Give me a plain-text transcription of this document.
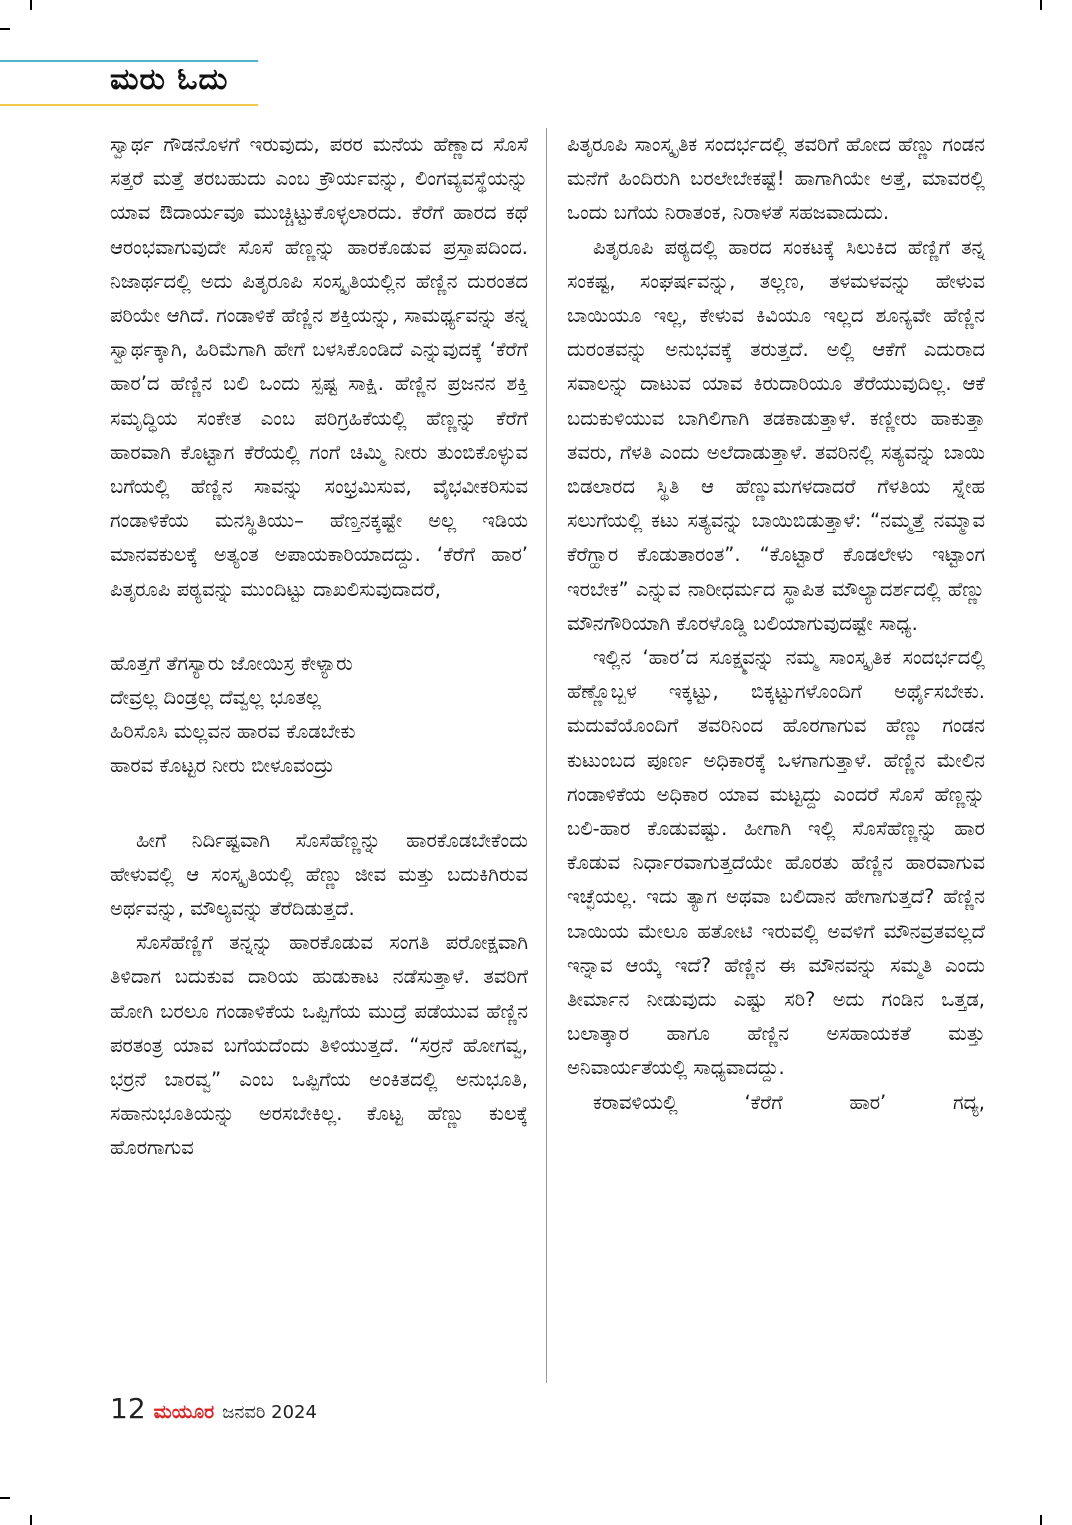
ಮರು ಓದು

ಸ್ವಾರ್ಥ ಗೌಡನೊಳಗೆ ಇರುವುದು, ಪರರ ಮನೆಯ ಹೆಣ್ಣಾದ ಸೊಸೆ ಸತ್ತರೆ ಮತ್ತೆ ತರಬಹುದು ಎಂಬ ಕ್ರೌರ್ಯವನ್ನು, ಲಿಂಗವ್ಯವಸ್ಥೆಯನ್ನು ಯಾವ ಔದಾರ್ಯವೂ ಮುಚ್ಚಿಟ್ಟುಕೊಳ್ಳಲಾರದು. ಕೆರೆಗೆ ಹಾರದ ಕಥೆ ಆರಂಭವಾಗುವುದೇ ಸೊಸೆ ಹೆಣ್ಣನ್ನು ಹಾರಕೊಡುವ ಪ್ರಸ್ತಾಪದಿಂದ. ನಿಜಾರ್ಥದಲ್ಲಿ ಅದು ಪಿತೃರೂಪಿ ಸಂಸ್ಕೃತಿಯಲ್ಲಿನ ಹೆಣ್ಣಿನ ದುರಂತದ ಪರಿಯೇ ಆಗಿದೆ. ಗಂಡಾಳಿಕೆ ಹೆಣ್ಣಿನ ಶಕ್ತಿಯನ್ನು, ಸಾಮರ್ಥ್ಯವನ್ನು ತನ್ನ ಸ್ವಾರ್ಥಕ್ಕಾಗಿ, ಹಿರಿಮೆಗಾಗಿ ಹೇಗೆ ಬಳಸಿಕೊಂಡಿದೆ ಎನ್ನುವುದಕ್ಕೆ ‘ಕೆರೆಗೆ ಹಾರ’ದ ಹೆಣ್ಣಿನ ಬಲಿ ಒಂದು ಸ್ಪಷ್ಟ ಸಾಕ್ಷಿ. ಹೆಣ್ಣಿನ ಪ್ರಜನನ ಶಕ್ತಿ ಸಮೃದ್ಧಿಯ ಸಂಕೇತ ಎಂಬ ಪರಿಗ್ರಹಿಕೆಯಲ್ಲಿ ಹೆಣ್ಣನ್ನು ಕೆರೆಗೆ ಹಾರವಾಗಿ ಕೊಟ್ಟಾಗ ಕೆರೆಯಲ್ಲಿ ಗಂಗೆ ಚಿಮ್ಮಿ ನೀರು ತುಂಬಿಕೊಳ್ಳುವ ಬಗೆಯಲ್ಲಿ ಹೆಣ್ಣಿನ ಸಾವನ್ನು ಸಂಭ್ರಮಿಸುವ, ವೈಭವೀಕರಿಸುವ ಗಂಡಾಳಿಕೆಯ ಮನಸ್ಥಿತಿಯು– ಹೆಣ್ತನಕ್ಕಷ್ಟೇ ಅಲ್ಲ ಇಡಿಯ ಮಾನವಕುಲಕ್ಕೆ ಅತ್ಯಂತ ಅಪಾಯಕಾರಿಯಾದದ್ದು. ‘ಕೆರೆಗೆ ಹಾರ’ ಪಿತೃರೂಪಿ ಪಠ್ಯವನ್ನು ಮುಂದಿಟ್ಟು ದಾಖಲಿಸುವುದಾದರೆ,

ಹೊತ್ತಗೆ ತೆಗಸ್ಯಾರು ಜೋಯಿಸ್ರ ಕೇಳ್ಯಾರು
ದೇವ್ರಲ್ಲ ದಿಂಡ್ರಲ್ಲ ದೆವ್ವಲ್ಲ ಭೂತಲ್ಲ
ಹಿರಿಸೊಸಿ ಮಲ್ಲವನ ಹಾರವ ಕೊಡಬೇಕು
ಹಾರವ ಕೊಟ್ಟರ ನೀರು ಬೀಳೂವಂದ್ರು

ಹೀಗೆ ನಿರ್ದಿಷ್ಟವಾಗಿ ಸೊಸೆಹೆಣ್ಣನ್ನು ಹಾರಕೊಡಬೇಕೆಂದು ಹೇಳುವಲ್ಲಿ ಆ ಸಂಸ್ಕೃತಿಯಲ್ಲಿ ಹೆಣ್ಣು ಜೀವ ಮತ್ತು ಬದುಕಿಗಿರುವ ಅರ್ಥವನ್ನು, ಮೌಲ್ಯವನ್ನು ತೆರೆದಿಡುತ್ತದೆ.

ಸೊಸೆಹೆಣ್ಣಿಗೆ ತನ್ನನ್ನು ಹಾರಕೊಡುವ ಸಂಗತಿ ಪರೋಕ್ಷವಾಗಿ ತಿಳಿದಾಗ ಬದುಕುವ ದಾರಿಯ ಹುಡುಕಾಟ ನಡೆಸುತ್ತಾಳೆ. ತವರಿಗೆ ಹೋಗಿ ಬರಲೂ ಗಂಡಾಳಿಕೆಯ ಒಪ್ಪಿಗೆಯ ಮುದ್ರೆ ಪಡೆಯುವ ಹೆಣ್ಣಿನ ಪರತಂತ್ರ ಯಾವ ಬಗೆಯದೆಂದು ತಿಳಿಯುತ್ತದೆ. “ಸರ್ರನೆ ಹೋಗವ್ವ, ಭರ್ರನೆ ಬಾರವ್ವ” ಎಂಬ ಒಪ್ಪಿಗೆಯ ಅಂಕಿತದಲ್ಲಿ ಅನುಭೂತಿ, ಸಹಾನುಭೂತಿಯನ್ನು ಅರಸಬೇಕಿಲ್ಲ. ಕೊಟ್ಟ ಹೆಣ್ಣು ಕುಲಕ್ಕೆ ಹೊರಗಾಗುವ

ಪಿತೃರೂಪಿ ಸಾಂಸ್ಕೃತಿಕ ಸಂದರ್ಭದಲ್ಲಿ ತವರಿಗೆ ಹೋದ ಹೆಣ್ಣು ಗಂಡನ ಮನೆಗೆ ಹಿಂದಿರುಗಿ ಬರಲೇಬೇಕಷ್ಟೆ! ಹಾಗಾಗಿಯೇ ಅತ್ತೆ, ಮಾವರಲ್ಲಿ ಒಂದು ಬಗೆಯ ನಿರಾತಂಕ, ನಿರಾಳತೆ ಸಹಜವಾದುದು.

ಪಿತೃರೂಪಿ ಪಠ್ಯದಲ್ಲಿ ಹಾರದ ಸಂಕಟಕ್ಕೆ ಸಿಲುಕಿದ ಹೆಣ್ಣಿಗೆ ತನ್ನ ಸಂಕಷ್ಟ, ಸಂಘರ್ಷವನ್ನು, ತಲ್ಲಣ, ತಳಮಳವನ್ನು ಹೇಳುವ ಬಾಯಿಯೂ ಇಲ್ಲ, ಕೇಳುವ ಕಿವಿಯೂ ಇಲ್ಲದ ಶೂನ್ಯವೇ ಹೆಣ್ಣಿನ ದುರಂತವನ್ನು ಅನುಭವಕ್ಕೆ ತರುತ್ತದೆ. ಅಲ್ಲಿ ಆಕೆಗೆ ಎದುರಾದ ಸವಾಲನ್ನು ದಾಟುವ ಯಾವ ಕಿರುದಾರಿಯೂ ತೆರೆಯುವುದಿಲ್ಲ. ಆಕೆ ಬದುಕುಳಿಯುವ ಬಾಗಿಲಿಗಾಗಿ ತಡಕಾಡುತ್ತಾಳೆ. ಕಣ್ಣೀರು ಹಾಕುತ್ತಾ ತವರು, ಗೆಳತಿ ಎಂದು ಅಲೆದಾಡುತ್ತಾಳೆ. ತವರಿನಲ್ಲಿ ಸತ್ಯವನ್ನು ಬಾಯಿ ಬಿಡಲಾರದ ಸ್ಥಿತಿ ಆ ಹೆಣ್ಣುಮಗಳದಾದರೆ ಗೆಳತಿಯ ಸ್ನೇಹ ಸಲುಗೆಯಲ್ಲಿ ಕಟು ಸತ್ಯವನ್ನು ಬಾಯಿಬಿಡುತ್ತಾಳೆ: “ನಮ್ಮತ್ತೆ ನಮ್ಮಾವ ಕೆರೆಗ್ಹಾರ ಕೊಡುತಾರಂತ”. “ಕೊಟ್ಟಾರೆ ಕೊಡಲೇಳು ಇಟ್ಟಾಂಗ ಇರಬೇಕ” ಎನ್ನುವ ನಾರೀಧರ್ಮದ ಸ್ಥಾಪಿತ ಮೌಲ್ಯಾದರ್ಶದಲ್ಲಿ ಹೆಣ್ಣು ಮೌನಗೌರಿಯಾಗಿ ಕೊರಳೊಡ್ಡಿ ಬಲಿಯಾಗುವುದಷ್ಟೇ ಸಾಧ್ಯ.

ಇಲ್ಲಿನ ‘ಹಾರ’ದ ಸೂಕ್ಷ್ಮವನ್ನು ನಮ್ಮ ಸಾಂಸ್ಕೃತಿಕ ಸಂದರ್ಭದಲ್ಲಿ ಹೆಣ್ಣೊಬ್ಬಳ ಇಕ್ಕಟ್ಟು, ಬಿಕ್ಕಟ್ಟುಗಳೊಂದಿಗೆ ಅರ್ಥೈಸಬೇಕು. ಮದುವೆಯೊಂದಿಗೆ ತವರಿನಿಂದ ಹೊರಗಾಗುವ ಹೆಣ್ಣು ಗಂಡನ ಕುಟುಂಬದ ಪೂರ್ಣ ಅಧಿಕಾರಕ್ಕೆ ಒಳಗಾಗುತ್ತಾಳೆ. ಹೆಣ್ಣಿನ ಮೇಲಿನ ಗಂಡಾಳಿಕೆಯ ಅಧಿಕಾರ ಯಾವ ಮಟ್ಟದ್ದು ಎಂದರೆ ಸೊಸೆ ಹೆಣ್ಣನ್ನು ಬಲಿ-ಹಾರ ಕೊಡುವಷ್ಟು. ಹೀಗಾಗಿ ಇಲ್ಲಿ ಸೊಸೆಹೆಣ್ಣನ್ನು ಹಾರ ಕೊಡುವ ನಿರ್ಧಾರವಾಗುತ್ತದೆಯೇ ಹೊರತು ಹೆಣ್ಣಿನ ಹಾರವಾಗುವ ಇಚ್ಛೆಯಲ್ಲ. ಇದು ತ್ಯಾಗ ಅಥವಾ ಬಲಿದಾನ ಹೇಗಾಗುತ್ತದೆ? ಹೆಣ್ಣಿನ ಬಾಯಿಯ ಮೇಲೂ ಹತೋಟಿ ಇರುವಲ್ಲಿ ಅವಳಿಗೆ ಮೌನವ್ರತವಲ್ಲದೆ ಇನ್ನಾವ ಆಯ್ಕೆ ಇದೆ? ಹೆಣ್ಣಿನ ಈ ಮೌನವನ್ನು ಸಮ್ಮತಿ ಎಂದು ತೀರ್ಮಾನ ನೀಡುವುದು ಎಷ್ಟು ಸರಿ? ಅದು ಗಂಡಿನ ಒತ್ತಡ, ಬಲಾತ್ಕಾರ ಹಾಗೂ ಹೆಣ್ಣಿನ ಅಸಹಾಯಕತೆ ಮತ್ತು ಅನಿವಾರ್ಯತೆಯಲ್ಲಿ ಸಾಧ್ಯವಾದದ್ದು.

ಕರಾವಳಿಯಲ್ಲಿ ‘ಕೆರೆಗೆ ಹಾರ’ ಗದ್ಯ,

12 ಮಯೂರ ಜನವರಿ 2024
